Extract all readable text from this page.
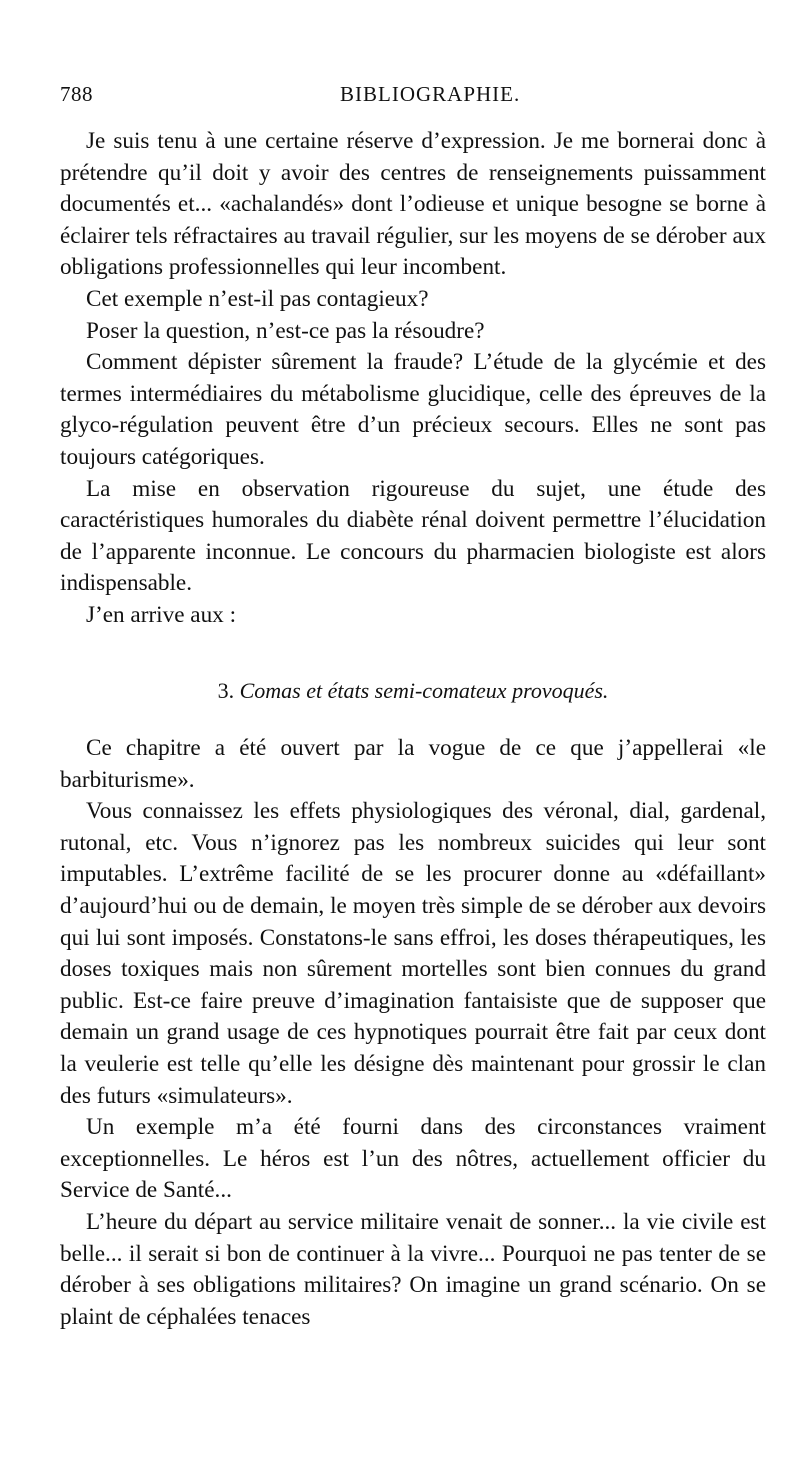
788	BIBLIOGRAPHIE.

Je suis tenu à une certaine réserve d’expression. Je me bornerai donc à prétendre qu’il doit y avoir des centres de renseignements puissamment documentés et... «achalandés» dont l’odieuse et unique besogne se borne à éclairer tels réfractaires au travail régulier, sur les moyens de se dérober aux obligations professionnelles qui leur incombent.

Cet exemple n’est-il pas contagieux?

Poser la question, n’est-ce pas la résoudre?

Comment dépister sûrement la fraude? L’étude de la glycémie et des termes intermédiaires du métabolisme glucidique, celle des épreuves de la glyco-régulation peuvent être d’un précieux secours. Elles ne sont pas toujours catégoriques.

La mise en observation rigoureuse du sujet, une étude des caractéristiques humorales du diabète rénal doivent permettre l’élucidation de l’apparente inconnue. Le concours du pharmacien biologiste est alors indispensable.

J’en arrive aux :

3. Comas et états semi-comateux provoqués.

Ce chapitre a été ouvert par la vogue de ce que j’appellerai «le barbiturisme».

Vous connaissez les effets physiologiques des véronal, dial, gardenal, rutonal, etc. Vous n’ignorez pas les nombreux suicides qui leur sont imputables. L’extrême facilité de se les procurer donne au «défaillant» d’aujourd’hui ou de demain, le moyen très simple de se dérober aux devoirs qui lui sont imposés. Constatons-le sans effroi, les doses thérapeutiques, les doses toxiques mais non sûrement mortelles sont bien connues du grand public. Est-ce faire preuve d’imagination fantaisiste que de supposer que demain un grand usage de ces hypnotiques pourrait être fait par ceux dont la veulerie est telle qu’elle les désigne dès maintenant pour grossir le clan des futurs «simulateurs».

Un exemple m’a été fourni dans des circonstances vraiment exceptionnelles. Le héros est l’un des nôtres, actuellement officier du Service de Santé...

L’heure du départ au service militaire venait de sonner... la vie civile est belle... il serait si bon de continuer à la vivre... Pourquoi ne pas tenter de se dérober à ses obligations militaires? On imagine un grand scénario. On se plaint de céphalées tenaces
